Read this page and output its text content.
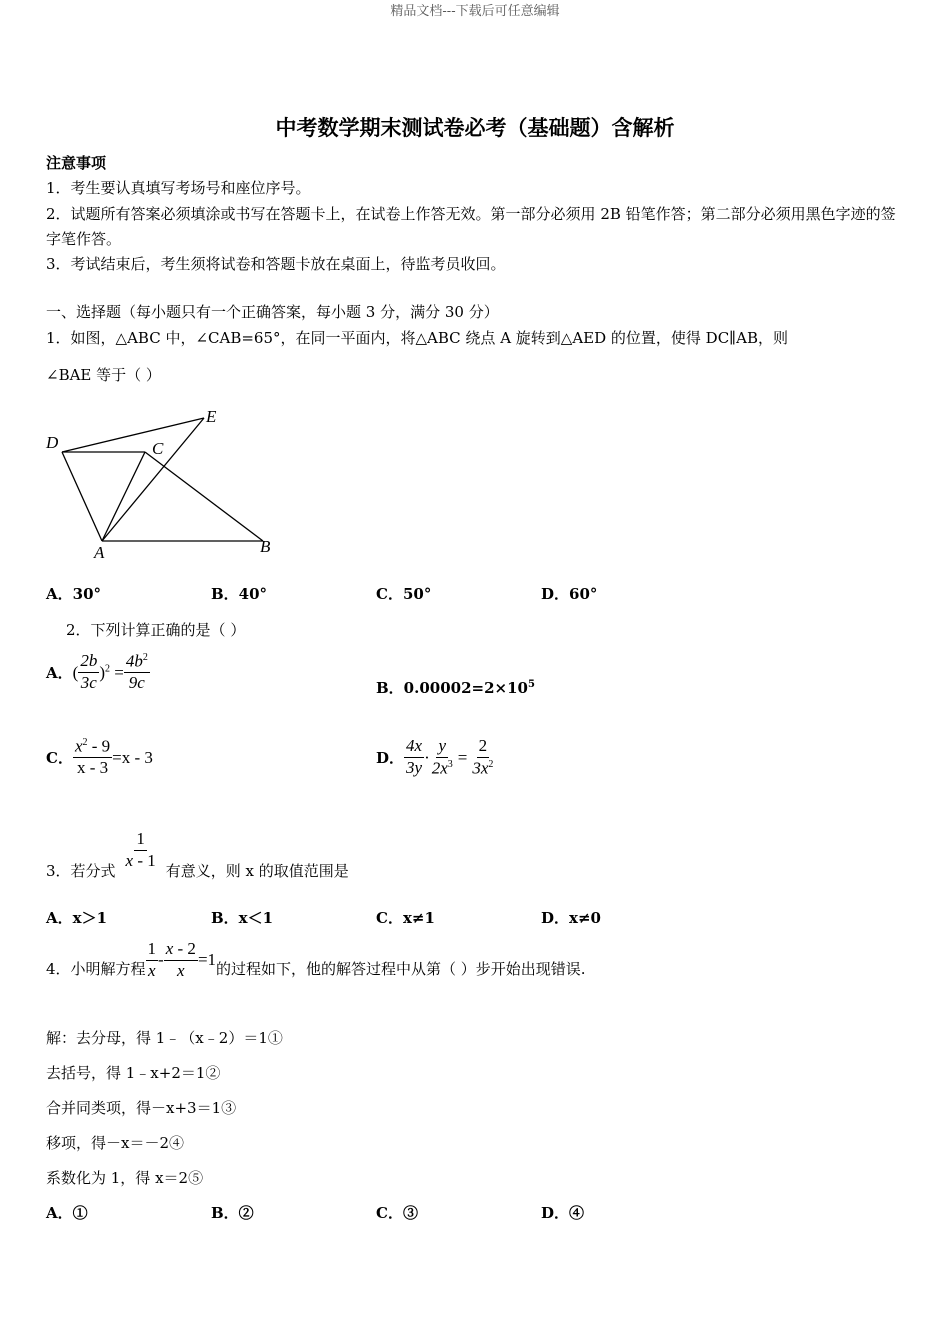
精品文档---下载后可任意编辑
中考数学期末测试卷必考（基础题）含解析
注意事项
1．考生要认真填写考场号和座位序号。
2．试题所有答案必须填涂或书写在答题卡上，在试卷上作答无效。第一部分必须用 2B 铅笔作答；第二部分必须用黑色字迹的签字笔作答。
3．考试结束后，考生须将试卷和答题卡放在桌面上，待监考员收回。
一、选择题（每小题只有一个正确答案，每小题 3 分，满分 30 分）
1．如图，△ABC 中，∠CAB=65°，在同一平面内，将△ABC 绕点 A 旋转到△AED 的位置，使得 DC∥AB，则
∠BAE 等于（ ）
D	C
E
A	B
A．30°	B．40°	C．50°	D．60°
2．下列计算正确的是（ ）
A． ( $\frac{2b}{3c} )^2 = \frac{4b^2}{9c}$	B．$0.00002=2\times 10^5$
C． $\frac{x^2 - 9}{x - 3} =x - 3$	D． $\frac{4x}{3y} \cdot \frac{y}{2x^3} = \frac{2}{3x^2}$
3．若分式
$\frac{1}{x - 1}$
有意义，则 x 的取值范围是
A．x＞1	B．x＜1	C．x≠1	D．x≠0
4．小明解方程 $\frac{1}{x} - \frac{x - 2}{x} =1$ 的过程如下，他的解答过程中从第（ ）步开始出现错误.
解：去分母，得 1﹣（x﹣2）＝1①
去括号，得 1﹣x+2＝1②
合并同类项，得－x+3＝1③
移项，得－x＝－2④
系数化为 1，得 x＝2⑤
A．①	B．②	C．③	D．④
